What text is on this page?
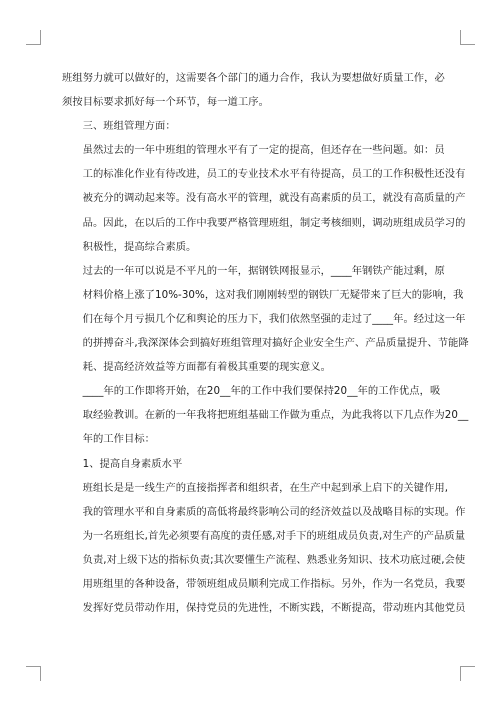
班组努力就可以做好的，这需要各个部门的通力合作，我认为要想做好质量工作，必
须按目标要求抓好每一个环节，每一道工序。

三、班组管理方面：

虽然过去的一年中班组的管理水平有了一定的提高，但还存在一些问题。如：员
工的标准化作业有待改进，员工的专业技术水平有待提高，员工的工作积极性还没有
被充分的调动起来等。没有高水平的管理，就没有高素质的员工，就没有高质量的产
品。因此，在以后的工作中我要严格管理班组，制定考核细则，调动班组成员学习的
积极性，提高综合素质。

过去的一年可以说是不平凡的一年，据钢铁网报显示，____年钢铁产能过剩，原
材料价格上涨了10%-30%，这对我们刚刚转型的钢铁厂无疑带来了巨大的影响，我
们在每个月亏损几个亿和舆论的压力下，我们依然坚强的走过了____年。经过这一年
的拼搏奋斗,我深深体会到搞好班组管理对搞好企业安全生产、产品质量提升、节能降
耗、提高经济效益等方面都有着极其重要的现实意义。

____年的工作即将开始，在20__年的工作中我们要保持20__年的工作优点，吸
取经验教训。在新的一年我将把班组基础工作做为重点，为此我将以下几点作为20__
年的工作目标：

1、提高自身素质水平

班组长是是一线生产的直接指挥者和组织者，在生产中起到承上启下的关键作用,
我的管理水平和自身素质的高低将最终影响公司的经济效益以及战略目标的实现。作
为一名班组长,首先必须要有高度的责任感,对手下的班组成员负责,对生产的产品质量
负责,对上级下达的指标负责;其次要懂生产流程、熟悉业务知识、技术功底过硬,会使
用班组里的各种设备，带领班组成员顺利完成工作指标。另外，作为一名党员，我要
发挥好党员带动作用，保持党员的先进性，不断实践，不断提高，带动班内其他党员
